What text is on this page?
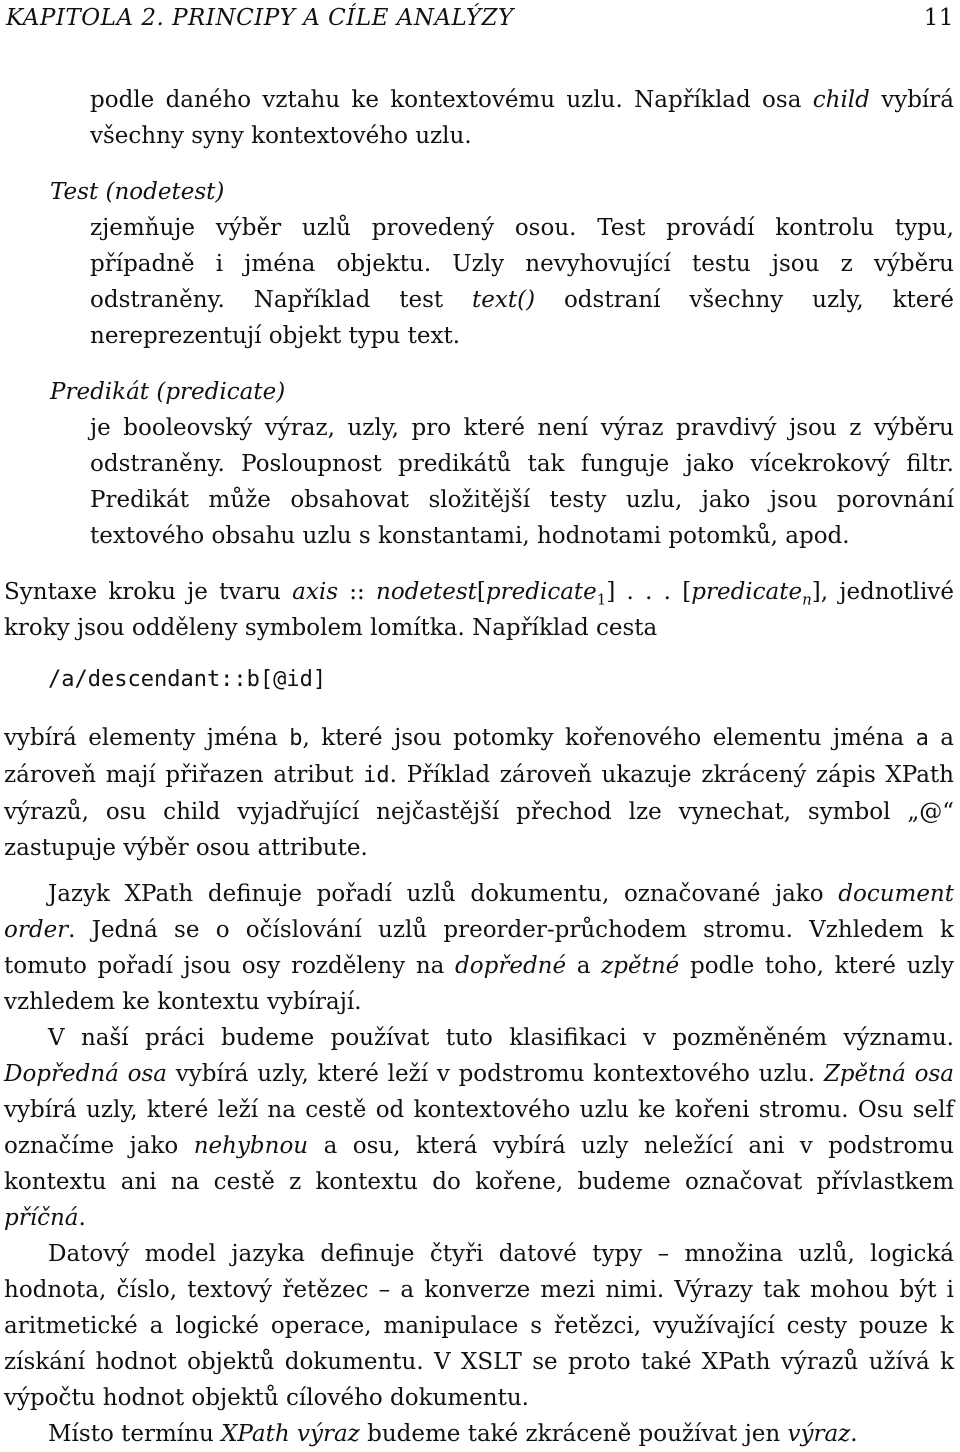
KAPITOLA 2. PRINCIPY A CÍLE ANALÝZY	11
podle daného vztahu ke kontextovému uzlu. Například osa child vybírá všechny syny kontextového uzlu.
Test (nodetest)
zjemňuje výběr uzlů provedený osou. Test provádí kontrolu typu, případně i jména objektu. Uzly nevyhovující testu jsou z výběru odstraněny. Například test text() odstraní všechny uzly, které nereprezentují objekt typu text.
Predikát (predicate)
je booleovský výraz, uzly, pro které není výraz pravdivý jsou z výběru odstraněny. Posloupnost predikátů tak funguje jako vícekrokový filtr. Predikát může obsahovat složitější testy uzlu, jako jsou porovnání textového obsahu uzlu s konstantami, hodnotami potomků, apod.
Syntaxe kroku je tvaru axis :: nodetest[predicate$_1$] . . . [predicate$_n$], jednotlivé kroky jsou odděleny symbolem lomítka. Například cesta
/a/descendant::b[@id]
vybírá elementy jména b, které jsou potomky kořenového elementu jména a a zároveň mají přiřazen atribut id. Příklad zároveň ukazuje zkrácený zápis XPath výrazů, osu child vyjadřující nejčastější přechod lze vynechat, symbol „@“ zastupuje výběr osou attribute.
Jazyk XPath definuje pořadí uzlů dokumentu, označované jako document order. Jedná se o očíslování uzlů preorder-průchodem stromu. Vzhledem k tomuto pořadí jsou osy rozděleny na dopředné a zpětné podle toho, které uzly vzhledem ke kontextu vybírají.
V naší práci budeme používat tuto klasifikaci v pozměněném významu. Dopředná osa vybírá uzly, které leží v podstromu kontextového uzlu. Zpětná osa vybírá uzly, které leží na cestě od kontextového uzlu ke kořeni stromu. Osu self označíme jako nehybnou a osu, která vybírá uzly neležící ani v podstromu kontextu ani na cestě z kontextu do kořene, budeme označovat přívlastkem příčná.
Datový model jazyka definuje čtyři datové typy – množina uzlů, logická hodnota, číslo, textový řetězec – a konverze mezi nimi. Výrazy tak mohou být i aritmetické a logické operace, manipulace s řetězci, využívající cesty pouze k získání hodnot objektů dokumentu. V XSLT se proto také XPath výrazů užívá k výpočtu hodnot objektů cílového dokumentu.
Místo termínu XPath výraz budeme také zkráceně používat jen výraz.
